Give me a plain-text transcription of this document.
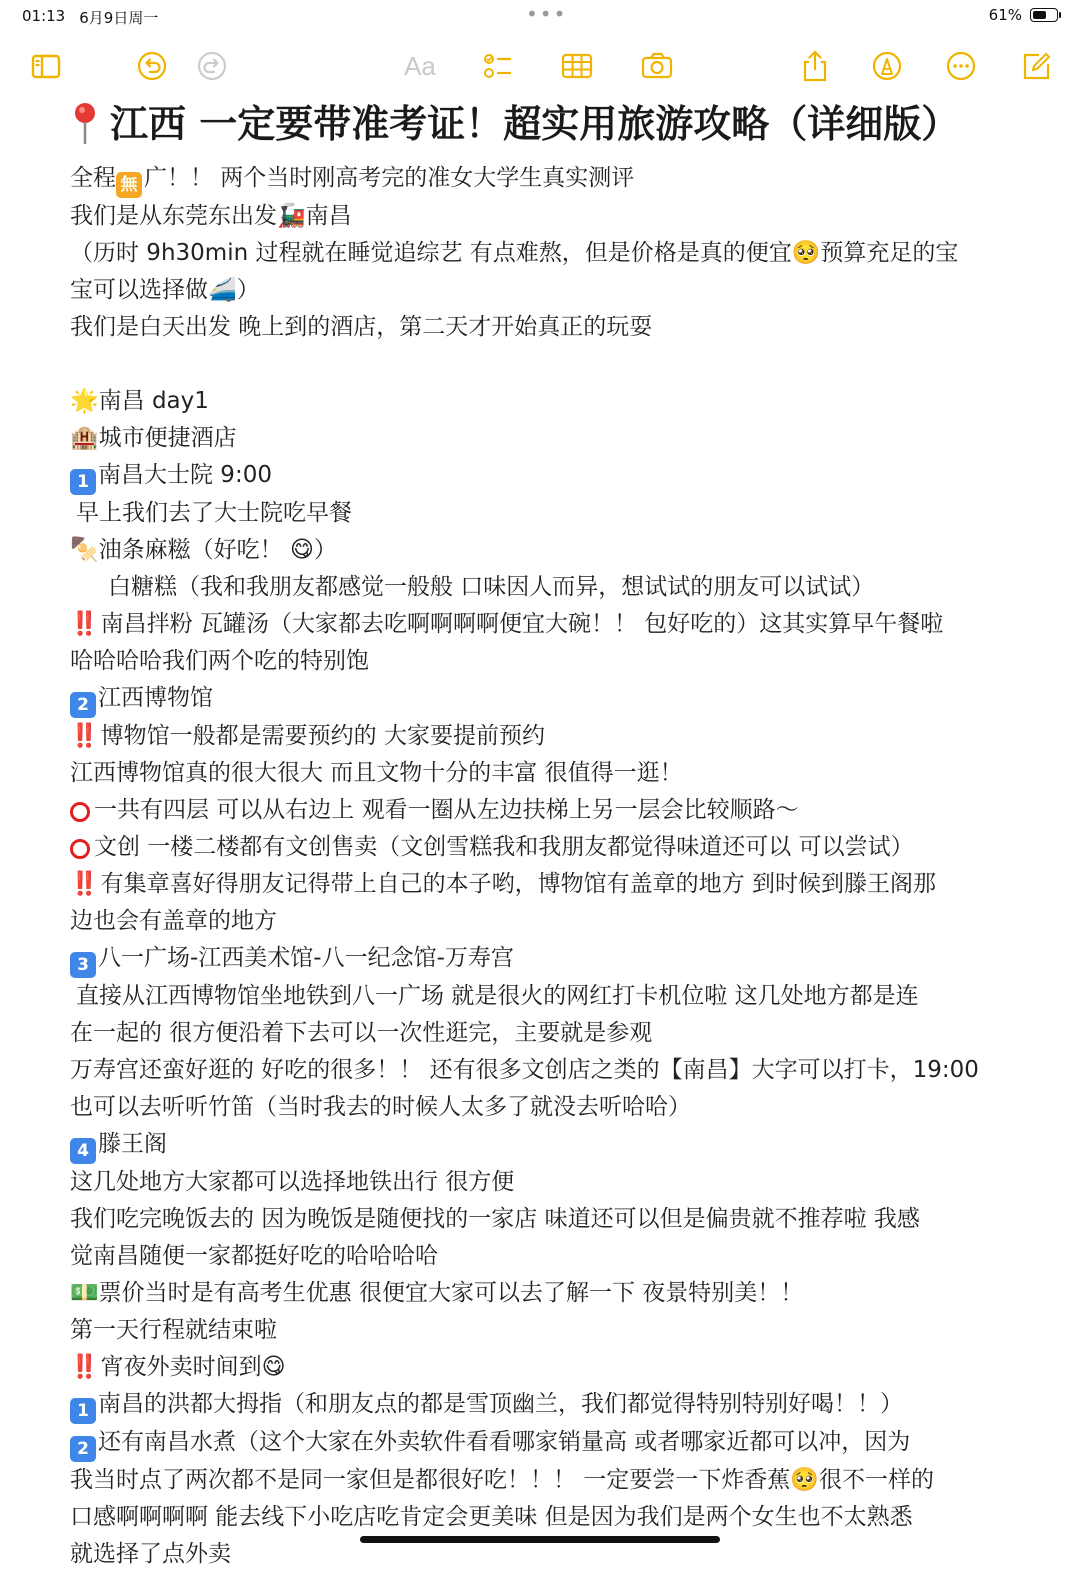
01:13 6月9日周一	•••	61%
Aa
江西 一定要带准考证！超实用旅游攻略（详细版）
全程 無 广！！ 两个当时刚高考完的准女大学生真实测评
我们是从东莞东出发🚂南昌
（历时 9h30min 过程就在睡觉追综艺 有点难熬，但是价格是真的便宜🥺预算充足的宝
宝可以选择做🚄）
我们是白天出发 晚上到的酒店，第二天才开始真正的玩耍
🌟南昌 day1
🏨城市便捷酒店
1 南昌大士院 9:00
早上我们去了大士院吃早餐
🍢油条麻糍（好吃！ 😋）
白糖糕（我和我朋友都感觉一般般 口味因人而异，想试试的朋友可以试试）
‼️ 南昌拌粉 瓦罐汤（大家都去吃啊啊啊啊便宜大碗！！ 包好吃的）这其实算早午餐啦
哈哈哈哈我们两个吃的特别饱
2 江西博物馆
‼️ 博物馆一般都是需要预约的 大家要提前预约
江西博物馆真的很大很大 而且文物十分的丰富 很值得一逛！
一共有四层 可以从右边上 观看一圈从左边扶梯上另一层会比较顺路～
文创 一楼二楼都有文创售卖（文创雪糕我和我朋友都觉得味道还可以 可以尝试）
‼️ 有集章喜好得朋友记得带上自己的本子哟，博物馆有盖章的地方 到时候到滕王阁那
边也会有盖章的地方
3 八一广场-江西美术馆-八一纪念馆-万寿宫
直接从江西博物馆坐地铁到八一广场 就是很火的网红打卡机位啦 这几处地方都是连
在一起的 很方便沿着下去可以一次性逛完，主要就是参观
万寿宫还蛮好逛的 好吃的很多！！ 还有很多文创店之类的【南昌】大字可以打卡，19:00
也可以去听听竹笛（当时我去的时候人太多了就没去听哈哈）
4 滕王阁
这几处地方大家都可以选择地铁出行 很方便
我们吃完晚饭去的 因为晚饭是随便找的一家店 味道还可以但是偏贵就不推荐啦 我感
觉南昌随便一家都挺好吃的哈哈哈哈
💵票价当时是有高考生优惠 很便宜大家可以去了解一下 夜景特别美！！
第一天行程就结束啦
‼️ 宵夜外卖时间到😋
1 南昌的洪都大拇指（和朋友点的都是雪顶幽兰，我们都觉得特别特别好喝！！）
2 还有南昌水煮（这个大家在外卖软件看看哪家销量高 或者哪家近都可以冲，因为
我当时点了两次都不是同一家但是都很好吃！！！ 一定要尝一下炸香蕉🥺很不一样的
口感啊啊啊啊 能去线下小吃店吃肯定会更美味 但是因为我们是两个女生也不太熟悉
就选择了点外卖
